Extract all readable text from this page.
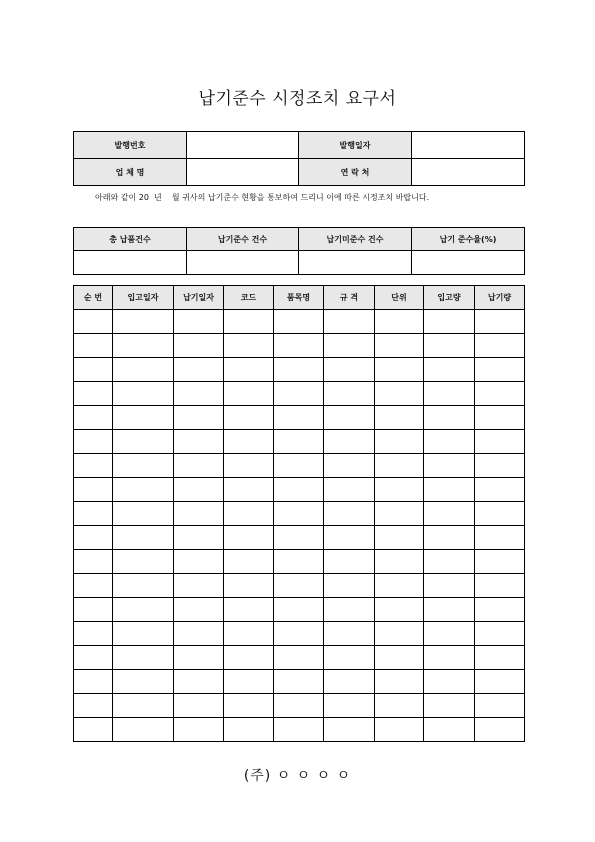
납기준수 시정조치 요구서
발행번호		발행일자	
업 체 명		연 락 처	
아래와 같이 20  년    월 귀사의 납기준수 현황을 통보하여 드리니 이에 따른 시정조치 바랍니다.
총 납품건수	납기준수 건수	납기미준수 건수	납기 준수율(%)

순 번	입고일자	납기일자	코드	품목명	규 격	단위	입고량	납기량

(주) ㅇ ㅇ ㅇ ㅇ
